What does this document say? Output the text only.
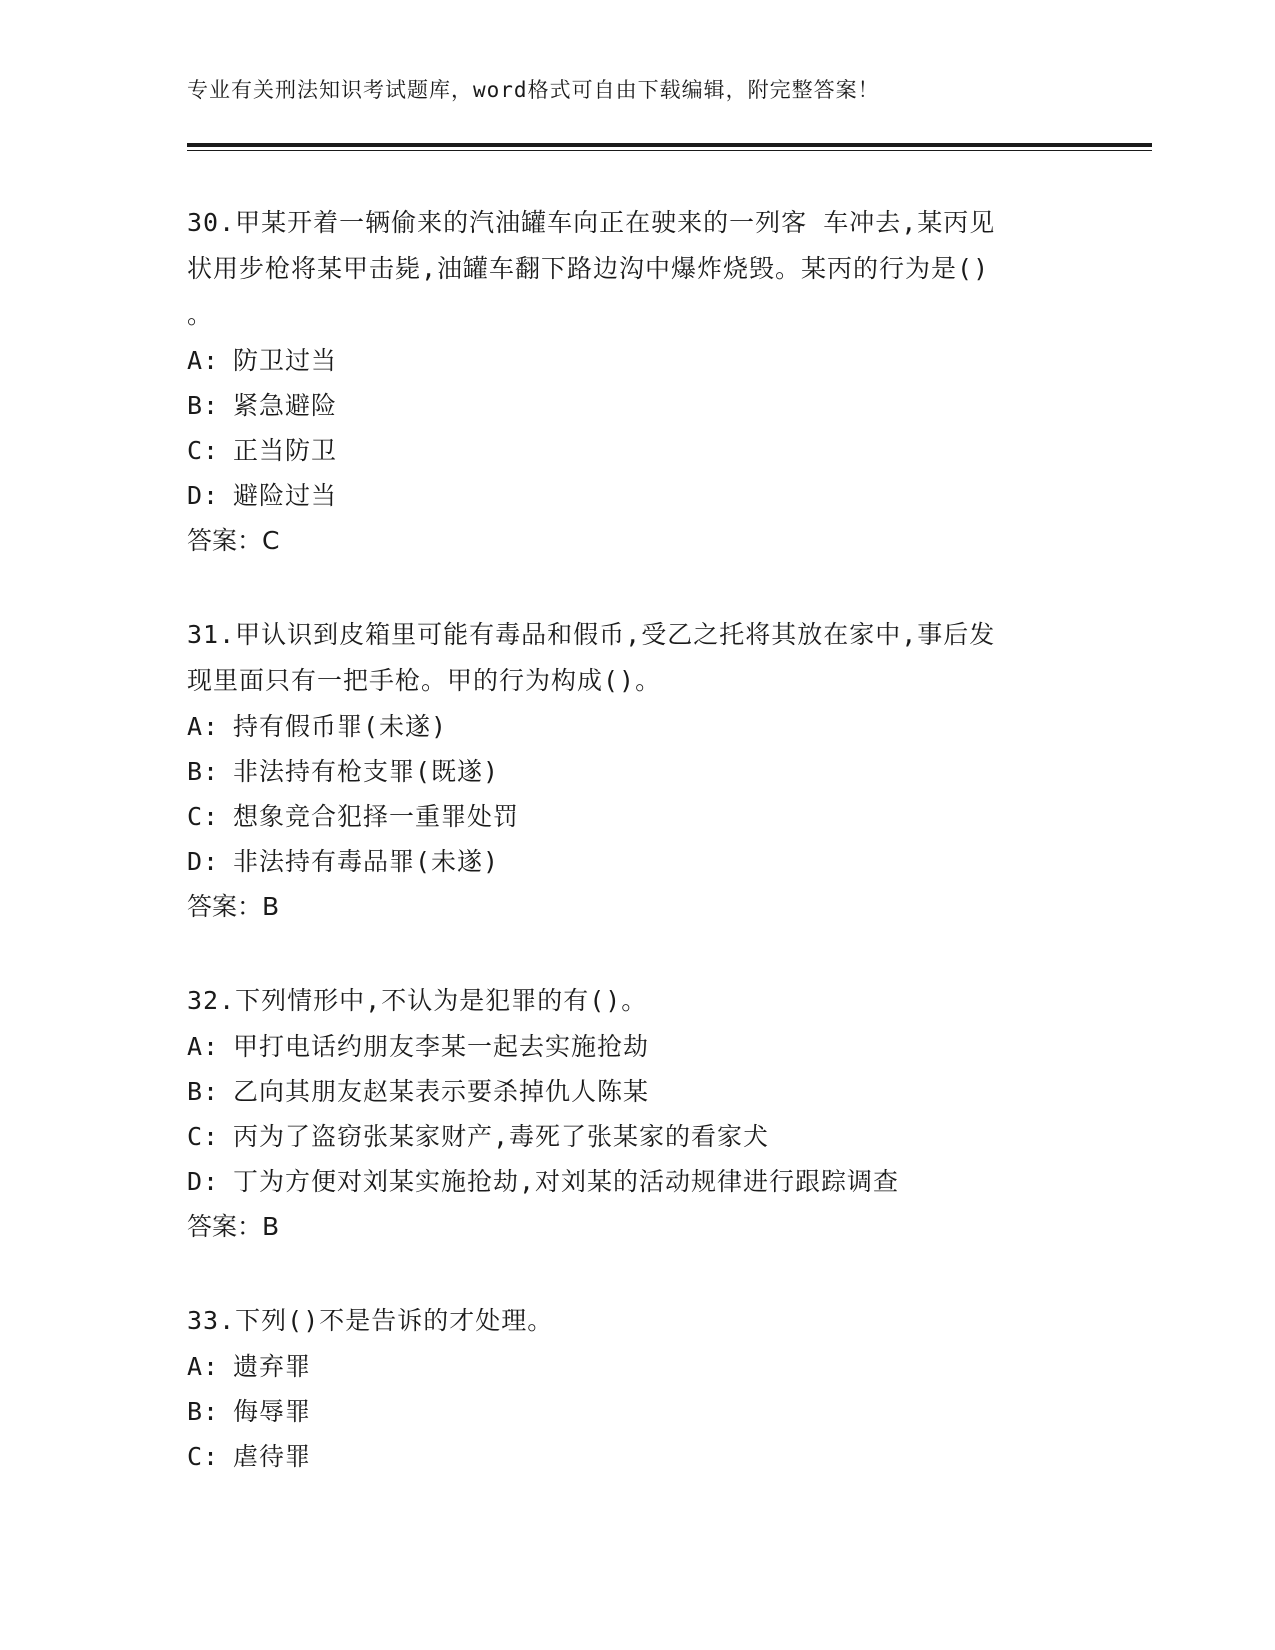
专业有关刑法知识考试题库，word格式可自由下载编辑，附完整答案！
30.甲某开着一辆偷来的汽油罐车向正在驶来的一列客 车冲去,某丙见
状用步枪将某甲击毙,油罐车翻下路边沟中爆炸烧毁。某丙的行为是()
。
A: 防卫过当
B: 紧急避险
C: 正当防卫
D: 避险过当
答案：C
31.甲认识到皮箱里可能有毒品和假币,受乙之托将其放在家中,事后发
现里面只有一把手枪。甲的行为构成()。
A: 持有假币罪(未遂)
B: 非法持有枪支罪(既遂)
C: 想象竞合犯择一重罪处罚
D: 非法持有毒品罪(未遂)
答案：B
32.下列情形中,不认为是犯罪的有()。
A: 甲打电话约朋友李某一起去实施抢劫
B: 乙向其朋友赵某表示要杀掉仇人陈某
C: 丙为了盗窃张某家财产,毒死了张某家的看家犬
D: 丁为方便对刘某实施抢劫,对刘某的活动规律进行跟踪调查
答案：B
33.下列()不是告诉的才处理。
A: 遗弃罪
B: 侮辱罪
C: 虐待罪
